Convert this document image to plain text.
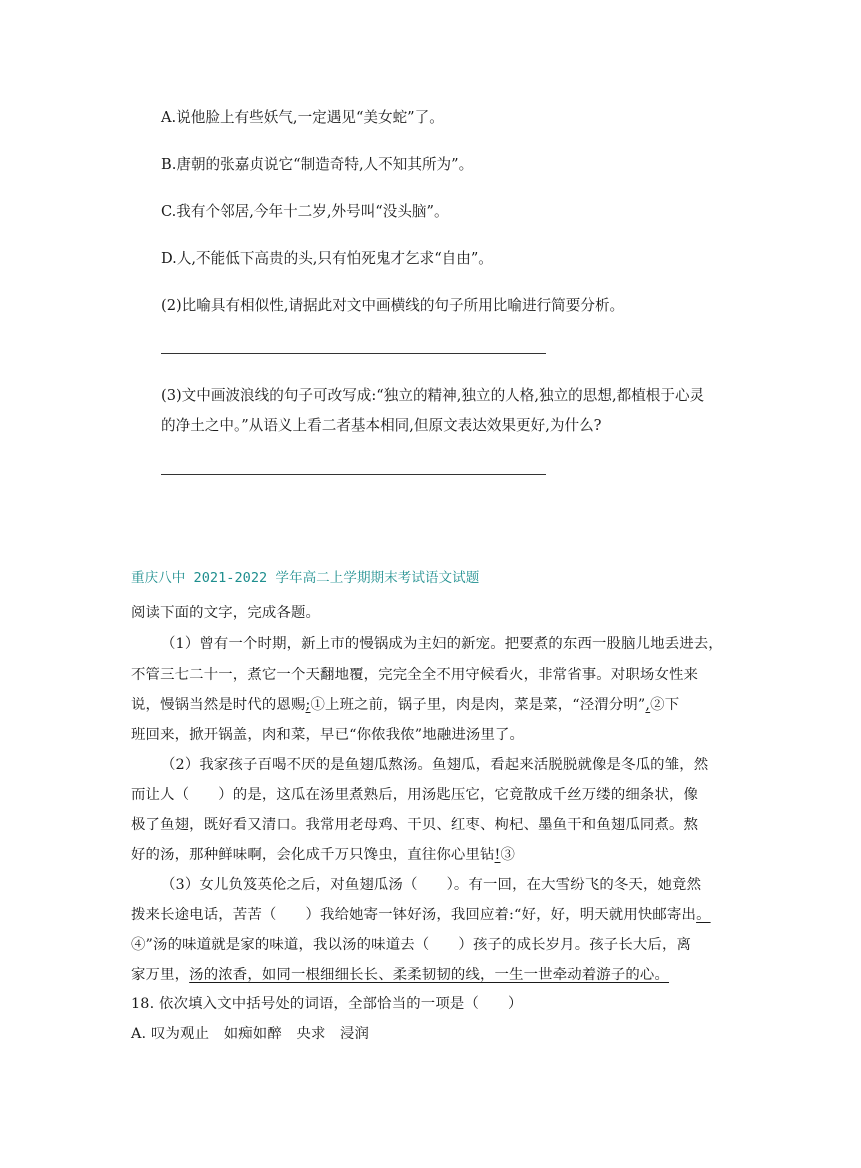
A.说他脸上有些妖气,一定遇见“美女蛇”了。
B.唐朝的张嘉贞说它“制造奇特,人不知其所为”。
C.我有个邻居,今年十二岁,外号叫“没头脑”。
D.人,不能低下高贵的头,只有怕死鬼才乞求“自由”。
(2)比喻具有相似性,请据此对文中画横线的句子所用比喻进行简要分析。
(3)文中画波浪线的句子可改写成:“独立的精神,独立的人格,独立的思想,都植根于心灵
的净土之中。”从语义上看二者基本相同,但原文表达效果更好,为什么?
重庆八中 2021-2022 学年高二上学期期末考试语文试题
阅读下面的文字，完成各题。
（1）曾有一个时期，新上市的慢锅成为主妇的新宠。把要煮的东西一股脑儿地丢进去，
不管三七二十一，煮它一个天翻地覆，完完全全不用守候看火，非常省事。对职场女性来
说，慢锅当然是时代的恩赐;①上班之前，锅子里，肉是肉，菜是菜，“泾渭分明”,②下
班回来，掀开锅盖，肉和菜，早已“你侬我侬”地融进汤里了。
（2）我家孩子百喝不厌的是鱼翅瓜熬汤。鱼翅瓜，看起来活脱脱就像是冬瓜的雏，然
而让人（　　）的是，这瓜在汤里煮熟后，用汤匙压它，它竟散成千丝万缕的细条状，像
极了鱼翅，既好看又清口。我常用老母鸡、干贝、红枣、枸杞、墨鱼干和鱼翅瓜同煮。熬
好的汤，那种鲜味啊，会化成千万只馋虫，直往你心里钻!③
（3）女儿负笈英伦之后，对鱼翅瓜汤（　　）。有一回，在大雪纷飞的冬天，她竟然
拨来长途电话，苦苦（　　）我给她寄一钵好汤，我回应着:“好，好，明天就用快邮寄出。
④”汤的味道就是家的味道，我以汤的味道去（　　）孩子的成长岁月。孩子长大后，离
家万里，汤的浓香，如同一根细细长长、柔柔韧韧的线，一生一世牵动着游子的心。
18. 依次填入文中括号处的词语，全部恰当的一项是（　　）
A. 叹为观止　如痴如醉　央求　浸润
